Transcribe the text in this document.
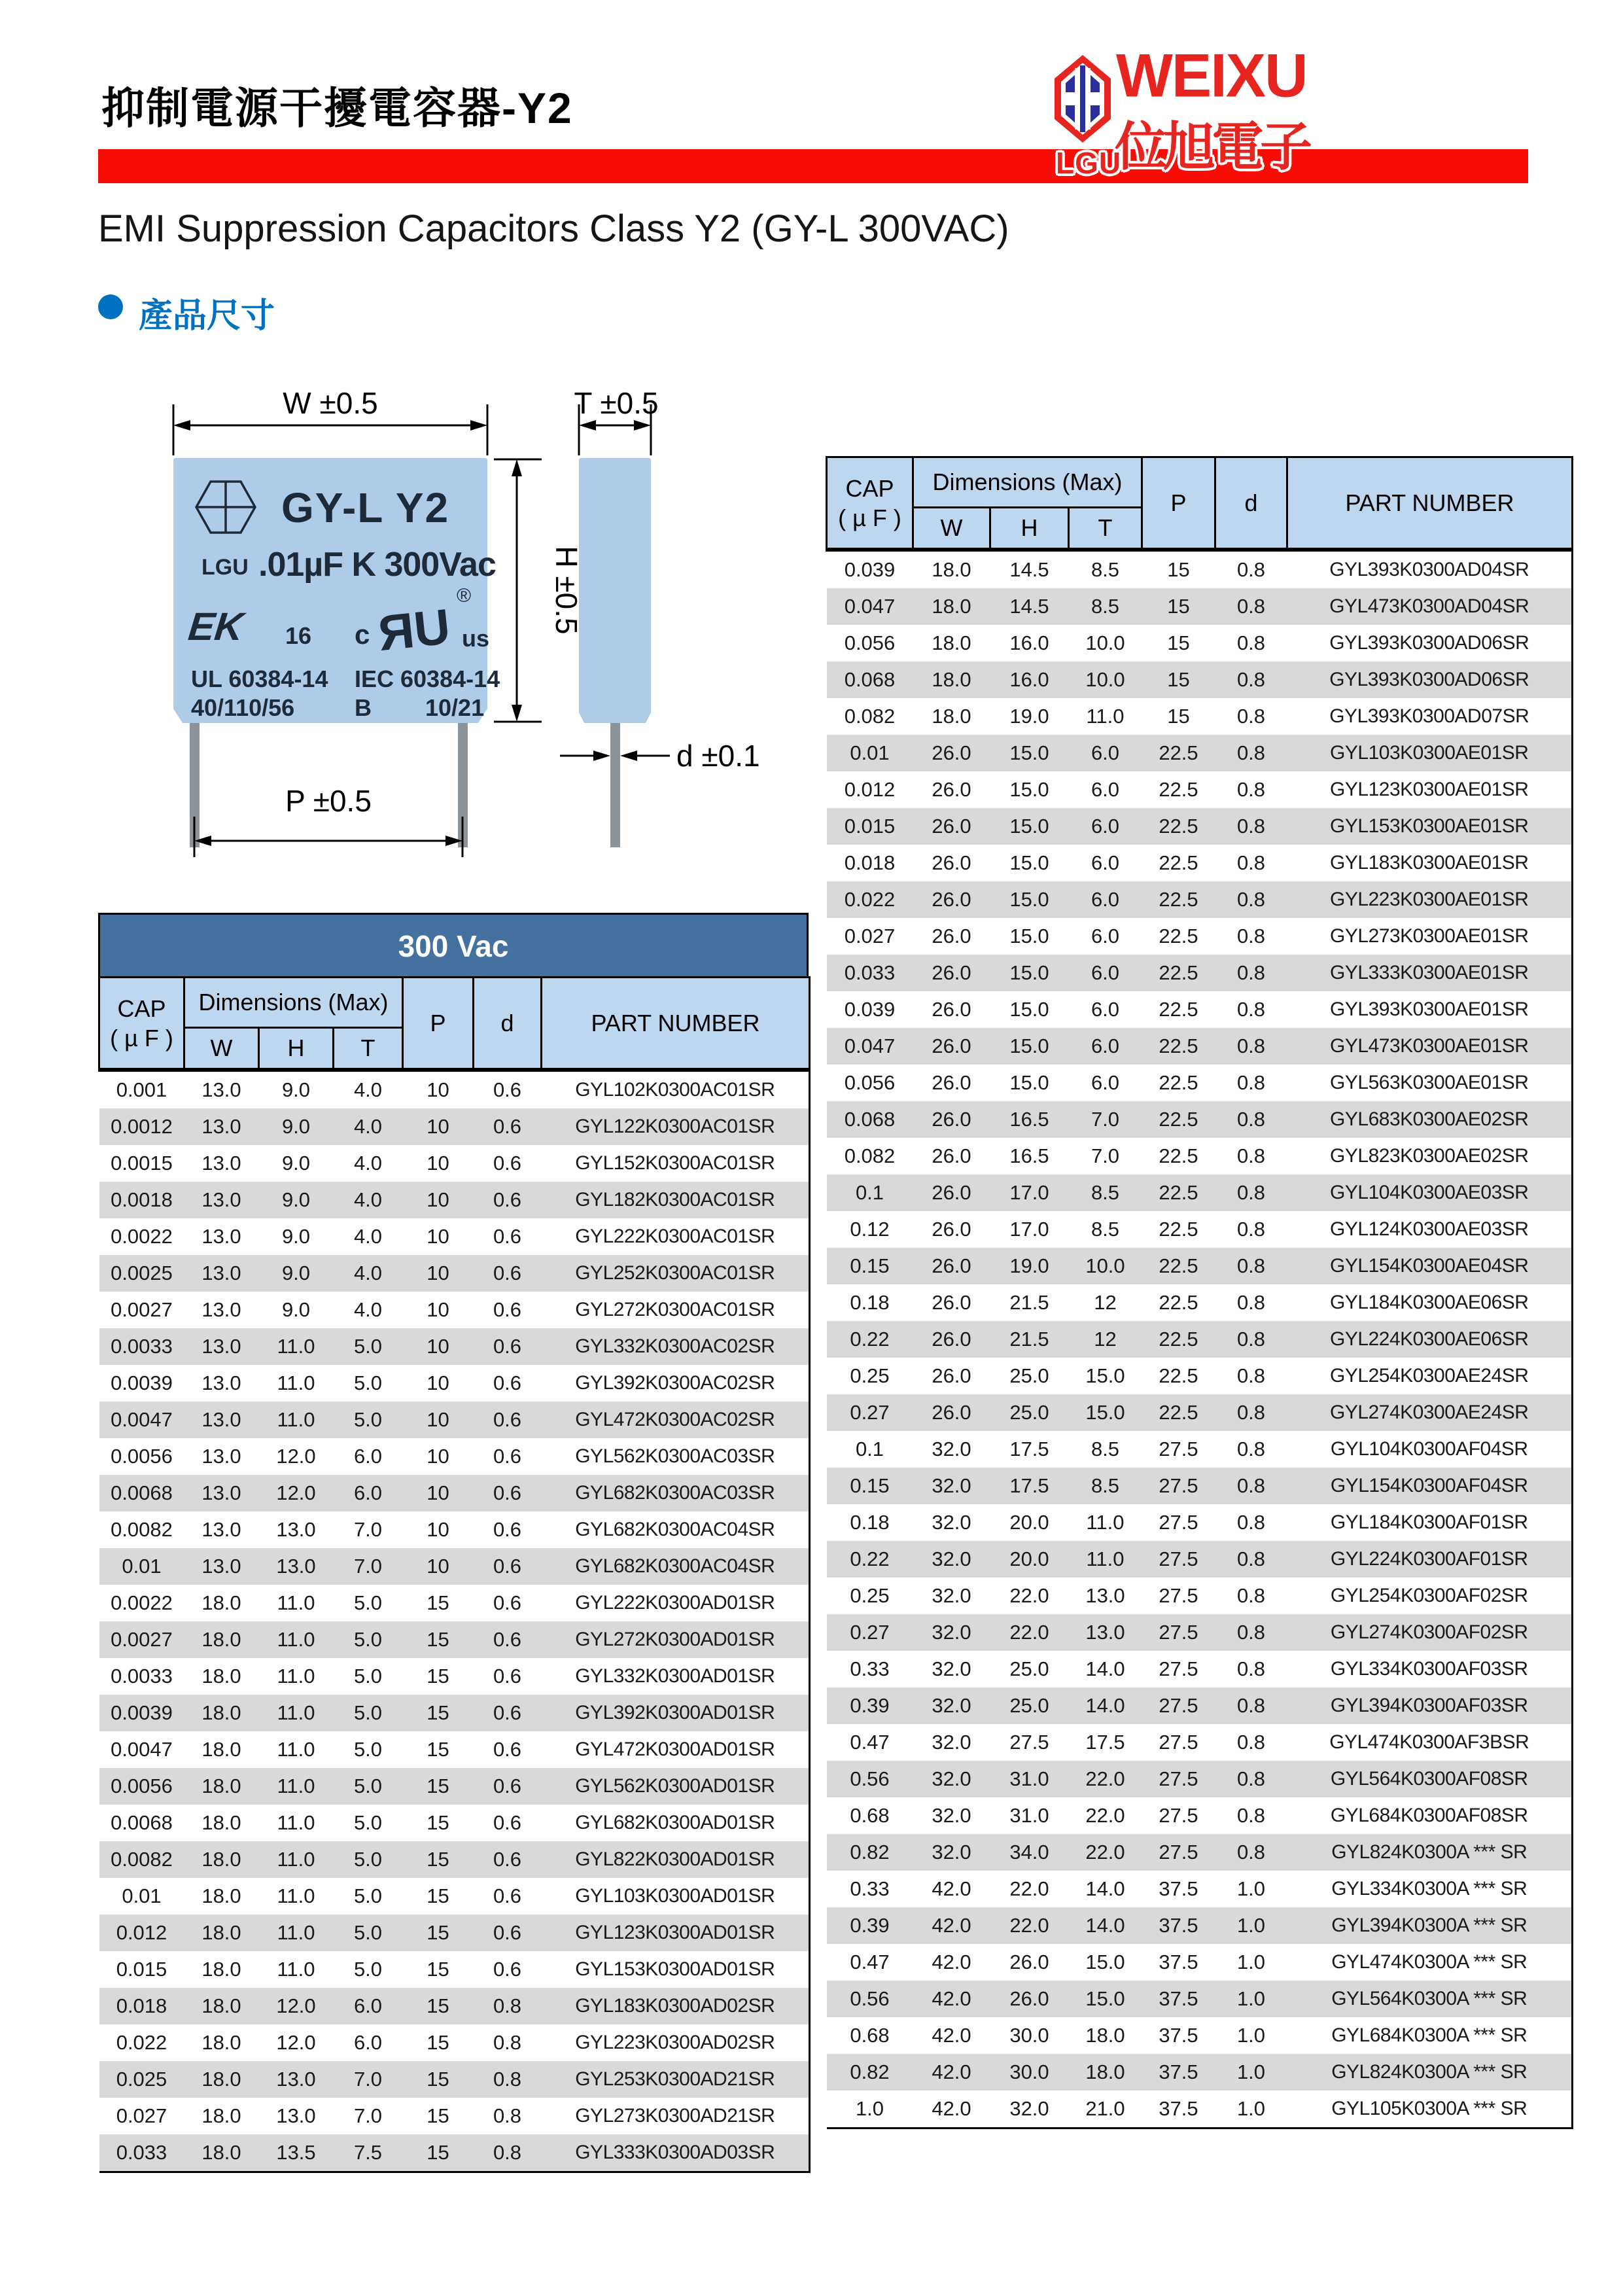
抑制電源干擾電容器-Y2	WEIXU
位旭電子
LGU
EMI Suppression Capacitors Class Y2 (GY-L 300VAC)
產品尺寸
W ±0.5	T ±0.5
H ±0.5
P ±0.5
d ±0.1
GY-L Y2
LGU .01µF K 300Vac
EK 16 c ЯU
®
us
UL 60384-14 IEC 60384-14
40/110/56	B 10/21
300 Vac
CAP
( µ F )	Dimensions (Max)			P	d	PART NUMBER
	W	H	T			
0.001	13.0	9.0	4.0	10	0.6	GYL102K0300AC01SR
0.0012	13.0	9.0	4.0	10	0.6	GYL122K0300AC01SR
0.0015	13.0	9.0	4.0	10	0.6	GYL152K0300AC01SR
0.0018	13.0	9.0	4.0	10	0.6	GYL182K0300AC01SR
0.0022	13.0	9.0	4.0	10	0.6	GYL222K0300AC01SR
0.0025	13.0	9.0	4.0	10	0.6	GYL252K0300AC01SR
0.0027	13.0	9.0	4.0	10	0.6	GYL272K0300AC01SR
0.0033	13.0	11.0	5.0	10	0.6	GYL332K0300AC02SR
0.0039	13.0	11.0	5.0	10	0.6	GYL392K0300AC02SR
0.0047	13.0	11.0	5.0	10	0.6	GYL472K0300AC02SR
0.0056	13.0	12.0	6.0	10	0.6	GYL562K0300AC03SR
0.0068	13.0	12.0	6.0	10	0.6	GYL682K0300AC03SR
0.0082	13.0	13.0	7.0	10	0.6	GYL682K0300AC04SR
0.01	13.0	13.0	7.0	10	0.6	GYL682K0300AC04SR
0.0022	18.0	11.0	5.0	15	0.6	GYL222K0300AD01SR
0.0027	18.0	11.0	5.0	15	0.6	GYL272K0300AD01SR
0.0033	18.0	11.0	5.0	15	0.6	GYL332K0300AD01SR
0.0039	18.0	11.0	5.0	15	0.6	GYL392K0300AD01SR
0.0047	18.0	11.0	5.0	15	0.6	GYL472K0300AD01SR
0.0056	18.0	11.0	5.0	15	0.6	GYL562K0300AD01SR
0.0068	18.0	11.0	5.0	15	0.6	GYL682K0300AD01SR
0.0082	18.0	11.0	5.0	15	0.6	GYL822K0300AD01SR
0.01	18.0	11.0	5.0	15	0.6	GYL103K0300AD01SR
0.012	18.0	11.0	5.0	15	0.6	GYL123K0300AD01SR
0.015	18.0	11.0	5.0	15	0.6	GYL153K0300AD01SR
0.018	18.0	12.0	6.0	15	0.8	GYL183K0300AD02SR
0.022	18.0	12.0	6.0	15	0.8	GYL223K0300AD02SR
0.025	18.0	13.0	7.0	15	0.8	GYL253K0300AD21SR
0.027	18.0	13.0	7.0	15	0.8	GYL273K0300AD21SR
0.033	18.0	13.5	7.5	15	0.8	GYL333K0300AD03SR
CAP
( µ F )	Dimensions (Max)			P	d	PART NUMBER
	W	H	T			
0.039	18.0	14.5	8.5	15	0.8	GYL393K0300AD04SR
0.047	18.0	14.5	8.5	15	0.8	GYL473K0300AD04SR
0.056	18.0	16.0	10.0	15	0.8	GYL393K0300AD06SR
0.068	18.0	16.0	10.0	15	0.8	GYL393K0300AD06SR
0.082	18.0	19.0	11.0	15	0.8	GYL393K0300AD07SR
0.01	26.0	15.0	6.0	22.5	0.8	GYL103K0300AE01SR
0.012	26.0	15.0	6.0	22.5	0.8	GYL123K0300AE01SR
0.015	26.0	15.0	6.0	22.5	0.8	GYL153K0300AE01SR
0.018	26.0	15.0	6.0	22.5	0.8	GYL183K0300AE01SR
0.022	26.0	15.0	6.0	22.5	0.8	GYL223K0300AE01SR
0.027	26.0	15.0	6.0	22.5	0.8	GYL273K0300AE01SR
0.033	26.0	15.0	6.0	22.5	0.8	GYL333K0300AE01SR
0.039	26.0	15.0	6.0	22.5	0.8	GYL393K0300AE01SR
0.047	26.0	15.0	6.0	22.5	0.8	GYL473K0300AE01SR
0.056	26.0	15.0	6.0	22.5	0.8	GYL563K0300AE01SR
0.068	26.0	16.5	7.0	22.5	0.8	GYL683K0300AE02SR
0.082	26.0	16.5	7.0	22.5	0.8	GYL823K0300AE02SR
0.1	26.0	17.0	8.5	22.5	0.8	GYL104K0300AE03SR
0.12	26.0	17.0	8.5	22.5	0.8	GYL124K0300AE03SR
0.15	26.0	19.0	10.0	22.5	0.8	GYL154K0300AE04SR
0.18	26.0	21.5	12	22.5	0.8	GYL184K0300AE06SR
0.22	26.0	21.5	12	22.5	0.8	GYL224K0300AE06SR
0.25	26.0	25.0	15.0	22.5	0.8	GYL254K0300AE24SR
0.27	26.0	25.0	15.0	22.5	0.8	GYL274K0300AE24SR
0.1	32.0	17.5	8.5	27.5	0.8	GYL104K0300AF04SR
0.15	32.0	17.5	8.5	27.5	0.8	GYL154K0300AF04SR
0.18	32.0	20.0	11.0	27.5	0.8	GYL184K0300AF01SR
0.22	32.0	20.0	11.0	27.5	0.8	GYL224K0300AF01SR
0.25	32.0	22.0	13.0	27.5	0.8	GYL254K0300AF02SR
0.27	32.0	22.0	13.0	27.5	0.8	GYL274K0300AF02SR
0.33	32.0	25.0	14.0	27.5	0.8	GYL334K0300AF03SR
0.39	32.0	25.0	14.0	27.5	0.8	GYL394K0300AF03SR
0.47	32.0	27.5	17.5	27.5	0.8	GYL474K0300AF3BSR
0.56	32.0	31.0	22.0	27.5	0.8	GYL564K0300AF08SR
0.68	32.0	31.0	22.0	27.5	0.8	GYL684K0300AF08SR
0.82	32.0	34.0	22.0	27.5	0.8	GYL824K0300A *** SR
0.33	42.0	22.0	14.0	37.5	1.0	GYL334K0300A *** SR
0.39	42.0	22.0	14.0	37.5	1.0	GYL394K0300A *** SR
0.47	42.0	26.0	15.0	37.5	1.0	GYL474K0300A *** SR
0.56	42.0	26.0	15.0	37.5	1.0	GYL564K0300A *** SR
0.68	42.0	30.0	18.0	37.5	1.0	GYL684K0300A *** SR
0.82	42.0	30.0	18.0	37.5	1.0	GYL824K0300A *** SR
1.0	42.0	32.0	21.0	37.5	1.0	GYL105K0300A *** SR
